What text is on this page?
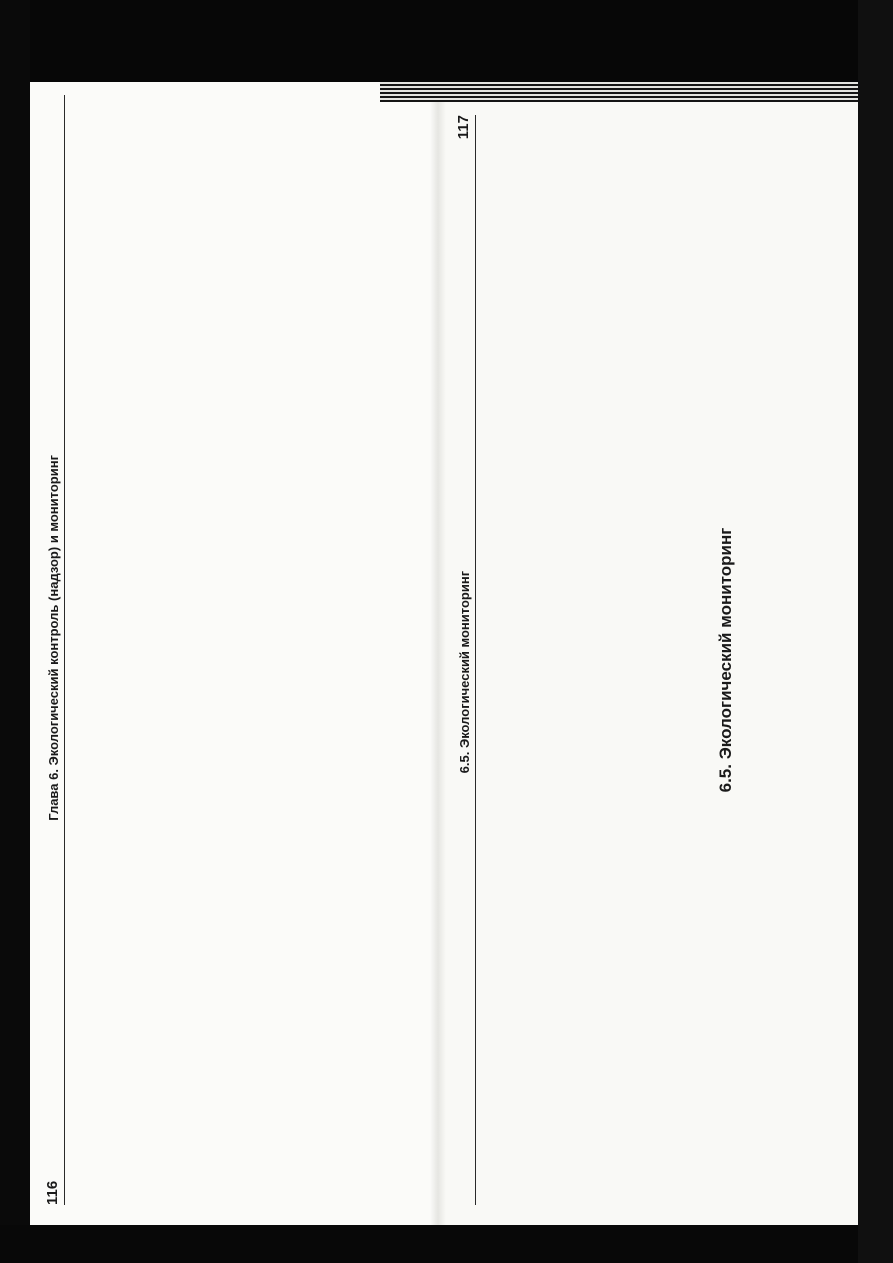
116
Глава 6. Экологический контроль (надзор) и мониторинг	6.5. Экологический мониторинг
117
6.5. Экологический мониторинг
